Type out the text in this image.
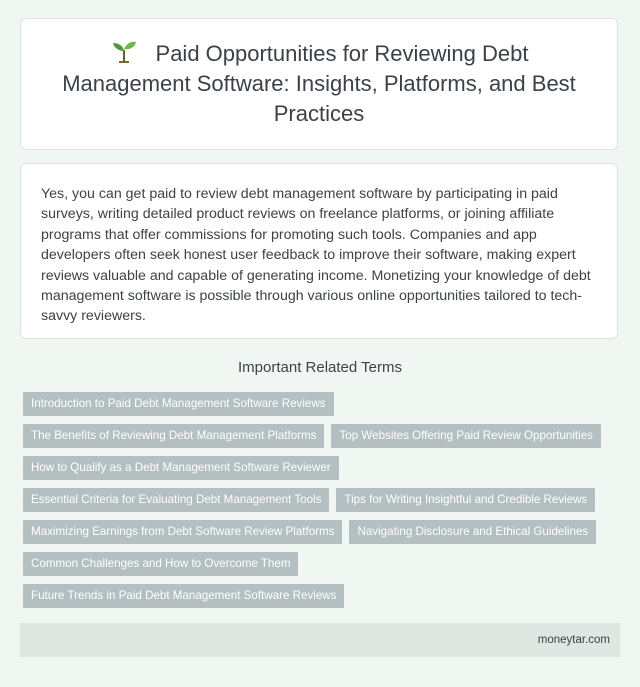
Paid Opportunities for Reviewing Debt Management Software: Insights, Platforms, and Best Practices

Yes, you can get paid to review debt management software by participating in paid surveys, writing detailed product reviews on freelance platforms, or joining affiliate programs that offer commissions for promoting such tools. Companies and app developers often seek honest user feedback to improve their software, making expert reviews valuable and capable of generating income. Monetizing your knowledge of debt management software is possible through various online opportunities tailored to tech-savvy reviewers.

Important Related Terms
Introduction to Paid Debt Management Software Reviews
The Benefits of Reviewing Debt Management Platforms	Top Websites Offering Paid Review Opportunities
How to Qualify as a Debt Management Software Reviewer
Essential Criteria for Evaluating Debt Management Tools	Tips for Writing Insightful and Credible Reviews
Maximizing Earnings from Debt Software Review Platforms	Navigating Disclosure and Ethical Guidelines
Common Challenges and How to Overcome Them
Future Trends in Paid Debt Management Software Reviews
moneytar.com
